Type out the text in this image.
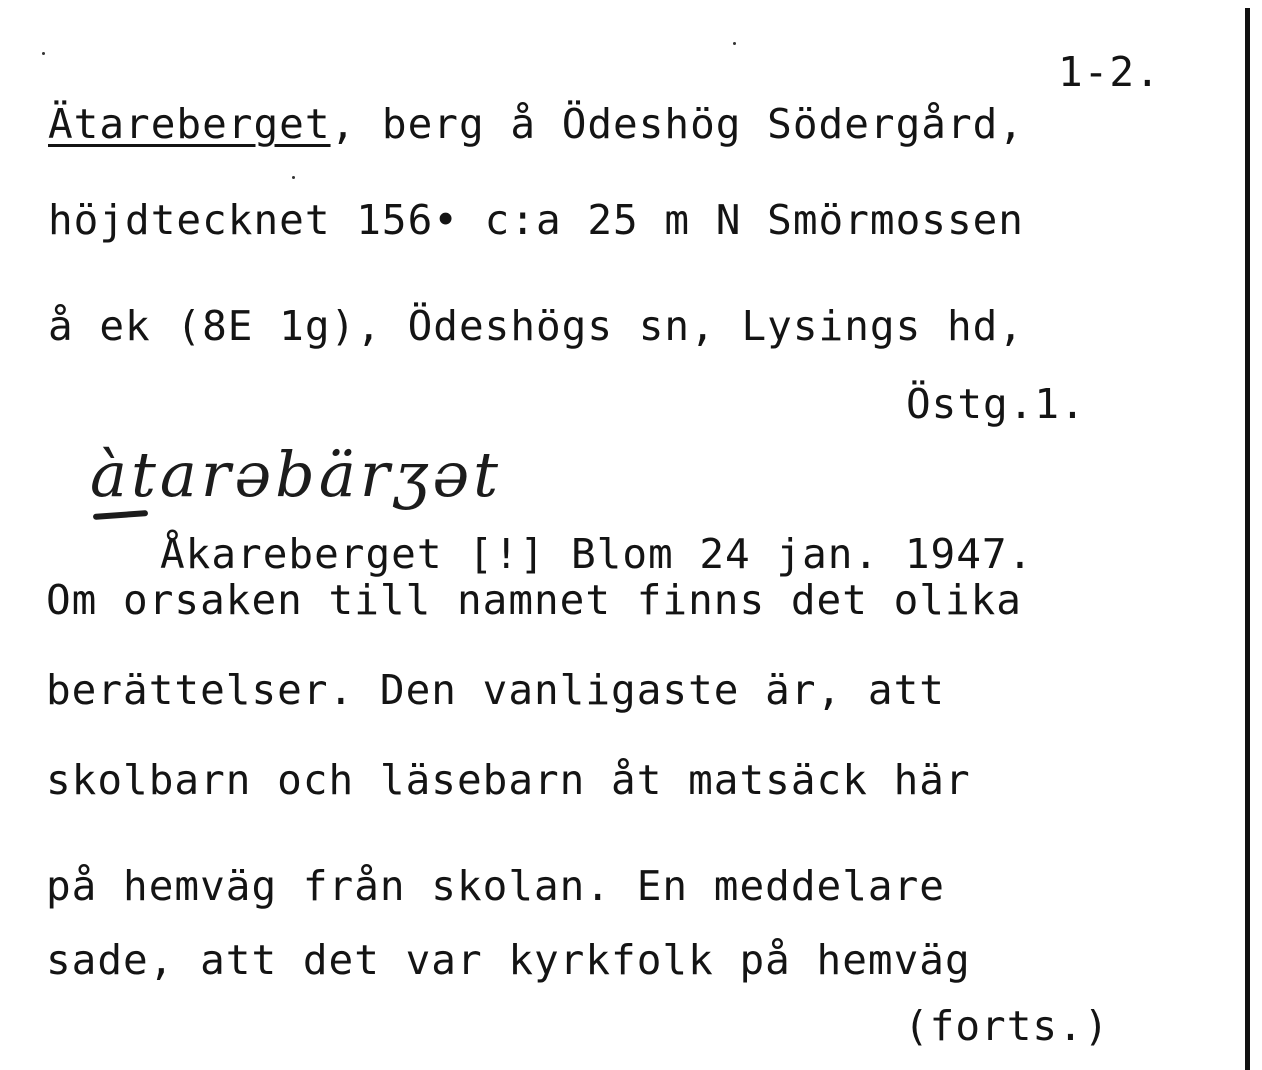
1-2.

Ätareberget, berg å Ödeshög Södergård,

höjdtecknet 156• c:a 25 m N Smörmossen

å ek (8E 1g), Ödeshögs sn, Lysings hd,

Östg.1.

àtarəbärʒət

Åkareberget [!] Blom 24 jan. 1947.

Om orsaken till namnet finns det olika

berättelser. Den vanligaste är, att

skolbarn och läsebarn åt matsäck här

på hemväg från skolan. En meddelare

sade, att det var kyrkfolk på hemväg

(forts.)
